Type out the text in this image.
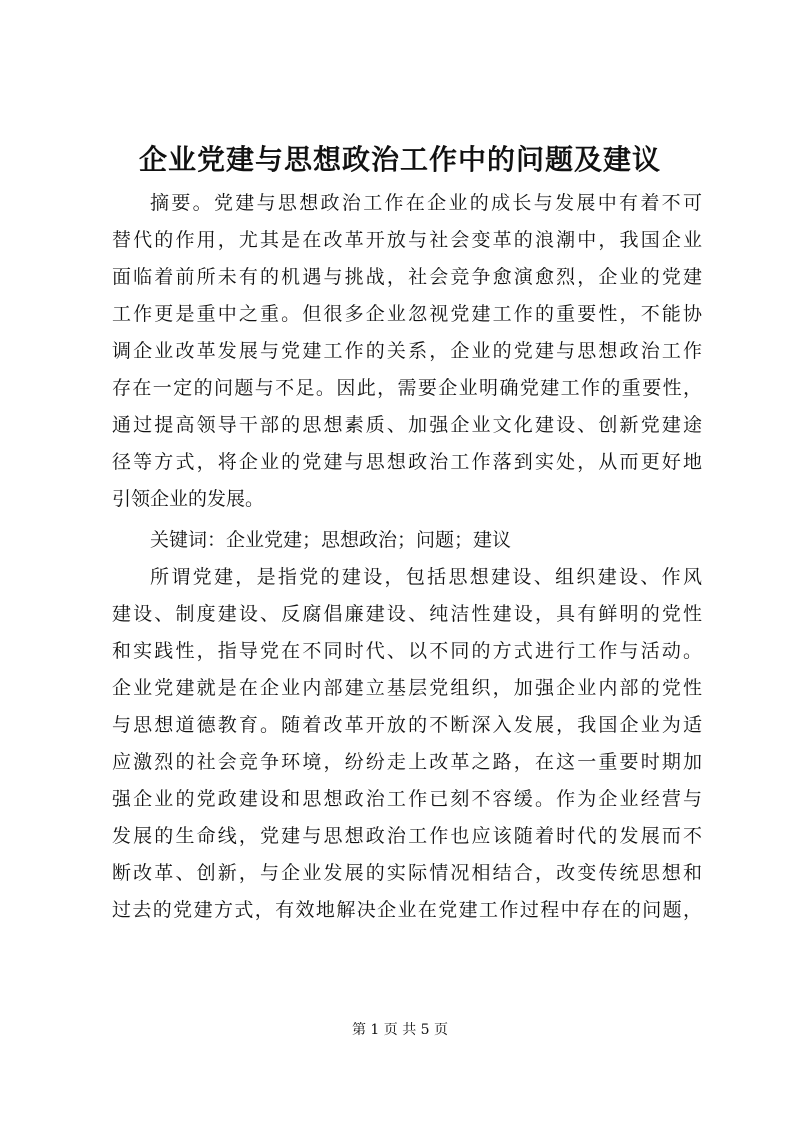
企业党建与思想政治工作中的问题及建议
摘要。党建与思想政治工作在企业的成长与发展中有着不可
替代的作用，尤其是在改革开放与社会变革的浪潮中，我国企业
面临着前所未有的机遇与挑战，社会竞争愈演愈烈，企业的党建
工作更是重中之重。但很多企业忽视党建工作的重要性，不能协
调企业改革发展与党建工作的关系，企业的党建与思想政治工作
存在一定的问题与不足。因此，需要企业明确党建工作的重要性，
通过提高领导干部的思想素质、加强企业文化建设、创新党建途
径等方式，将企业的党建与思想政治工作落到实处，从而更好地
引领企业的发展。
关键词：企业党建；思想政治；问题；建议
所谓党建，是指党的建设，包括思想建设、组织建设、作风
建设、制度建设、反腐倡廉建设、纯洁性建设，具有鲜明的党性
和实践性，指导党在不同时代、以不同的方式进行工作与活动。
企业党建就是在企业内部建立基层党组织，加强企业内部的党性
与思想道德教育。随着改革开放的不断深入发展，我国企业为适
应激烈的社会竞争环境，纷纷走上改革之路，在这一重要时期加
强企业的党政建设和思想政治工作已刻不容缓。作为企业经营与
发展的生命线，党建与思想政治工作也应该随着时代的发展而不
断改革、创新，与企业发展的实际情况相结合，改变传统思想和
过去的党建方式，有效地解决企业在党建工作过程中存在的问题，
第 1 页 共 5 页
